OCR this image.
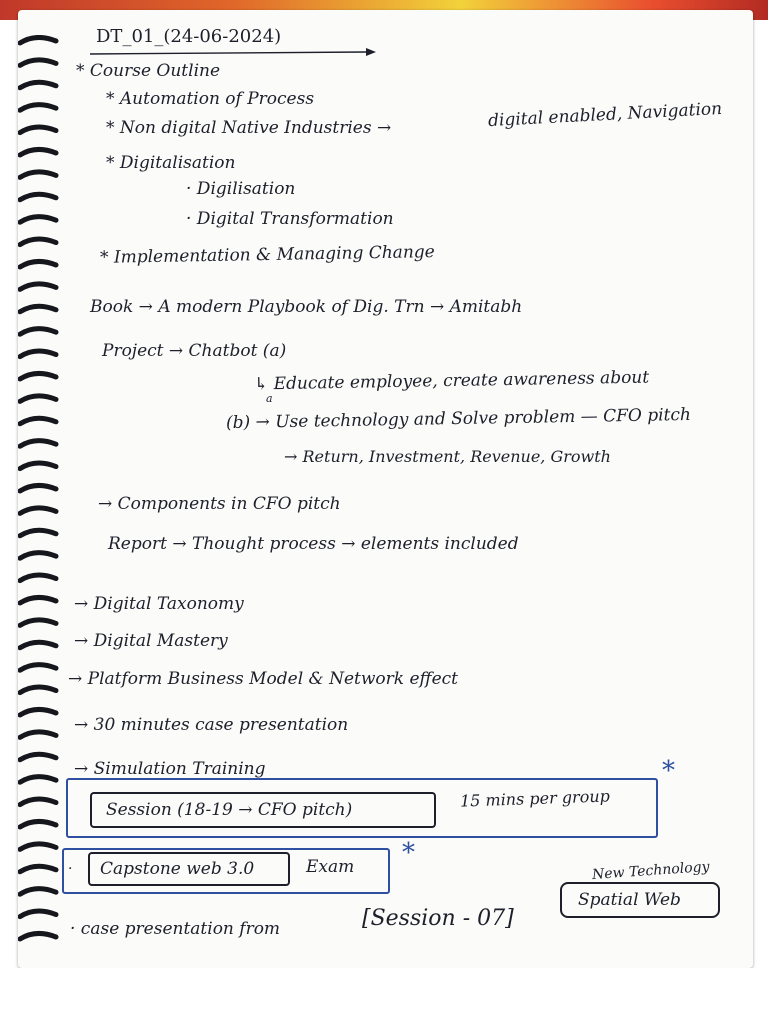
DT_01_(24-06-2024)
* Course Outline
* Automation of Process
* Non digital Native Industries →	digital enabled, Navigation
* Digitalisation
· Digilisation
· Digital Transformation
* Implementation & Managing Change
Book → A modern Playbook of Dig. Trn → Amitabh
Project → Chatbot (a)
↳ Educate employee, create awareness about
a
(b) → Use technology and Solve problem — CFO pitch
→ Return, Investment, Revenue, Growth
→ Components in CFO pitch
Report → Thought process → elements included
→ Digital Taxonomy
→ Digital Mastery
→ Platform Business Model & Network effect
→ 30 minutes case presentation
→ Simulation Training
Session (18-19 → CFO pitch)	15 mins per group
*
·	Capstone web 3.0	Exam *
New Technology
Spatial Web
· case presentation from	[Session - 07]
